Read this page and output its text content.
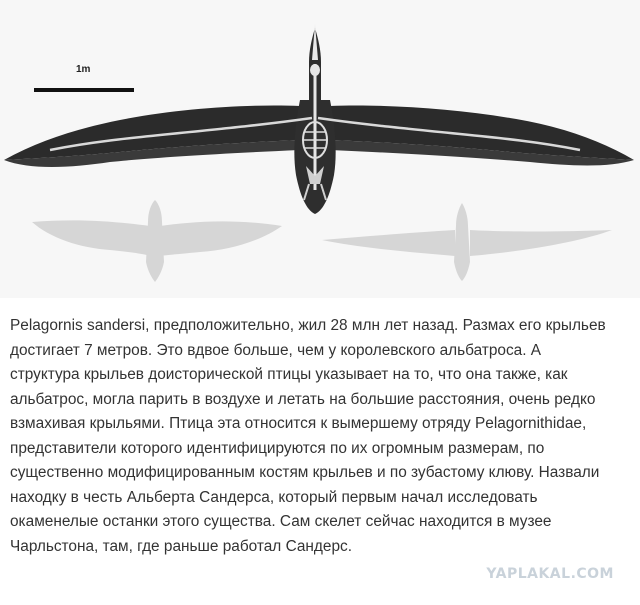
1m

Pelagornis sandersi, предположительно, жил 28 млн лет назад. Размах его крыльев

достигает 7 метров. Это вдвое больше, чем у королевского альбатроса. А

структура крыльев доисторической птицы указывает на то, что она также, как

альбатрос, могла парить в воздухе и летать на большие расстояния, очень редко

взмахивая крыльями. Птица эта относится к вымершему отряду Pelagornithidae,

представители которого идентифицируются по их огромным размерам, по

существенно модифицированным костям крыльев и по зубастому клюву. Назвали

находку в честь Альберта Сандерса, который первым начал исследовать

окаменелые останки этого существа. Сам скелет сейчас находится в музее

Чарльстона, там, где раньше работал Сандерс.

YAPLAKAL.COM
